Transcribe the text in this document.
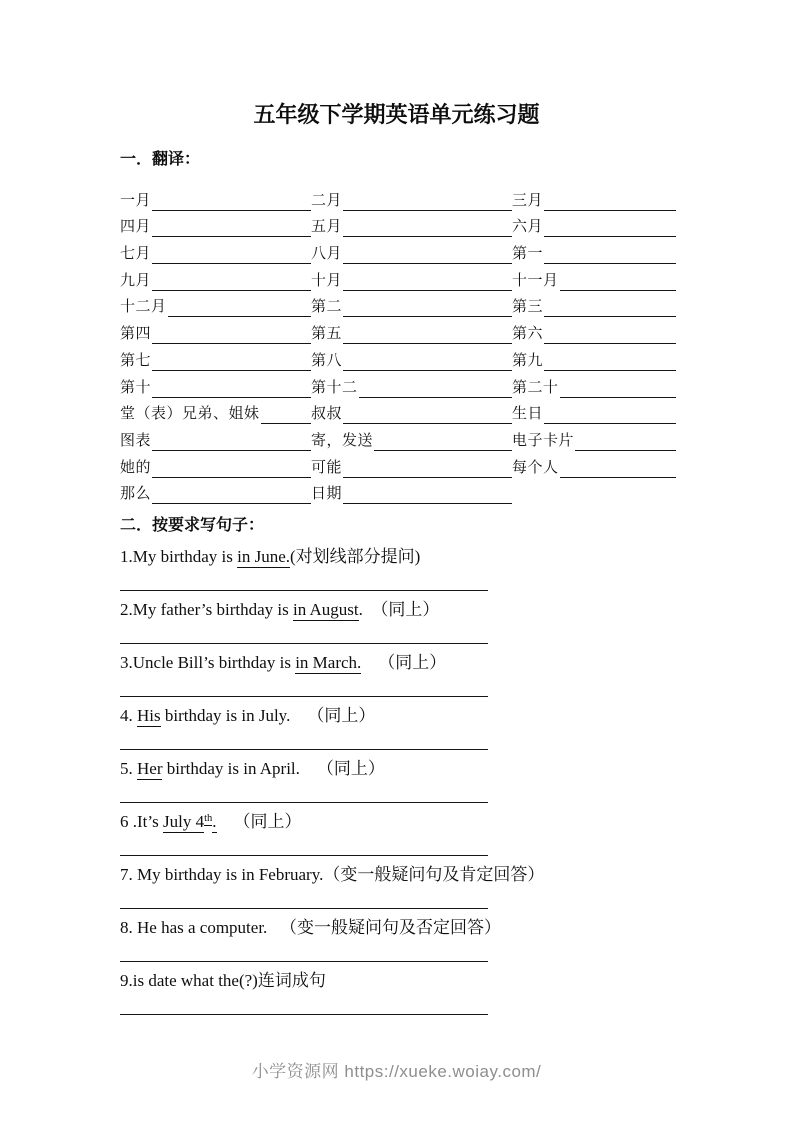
五年级下学期英语单元练习题
一．翻译：
一月	二月	三月
四月	五月	六月
七月	八月	第一
九月	十月	十一月
十二月	第二	第三
第四	第五	第六
第七	第八	第九
第十	第十二	第二十
堂（表）兄弟、姐妹	叔叔	生日
图表	寄，发送	电子卡片
她的	可能	每个人
那么	日期
二．按要求写句子：

1.My birthday is in June.(对划线部分提问)

2.My father’s birthday is in August.  （同上）

3.Uncle Bill’s birthday is in March.    （同上）

4. His birthday is in July.    （同上）

5. Her birthday is in April.    （同上）

6 .It’s July 4th.    （同上）

7. My birthday is in February.（变一般疑问句及肯定回答）

8. He has a computer.   （变一般疑问句及否定回答）

9.is date what the(?)连词成句

小学资源网 https://xueke.woiay.com/
